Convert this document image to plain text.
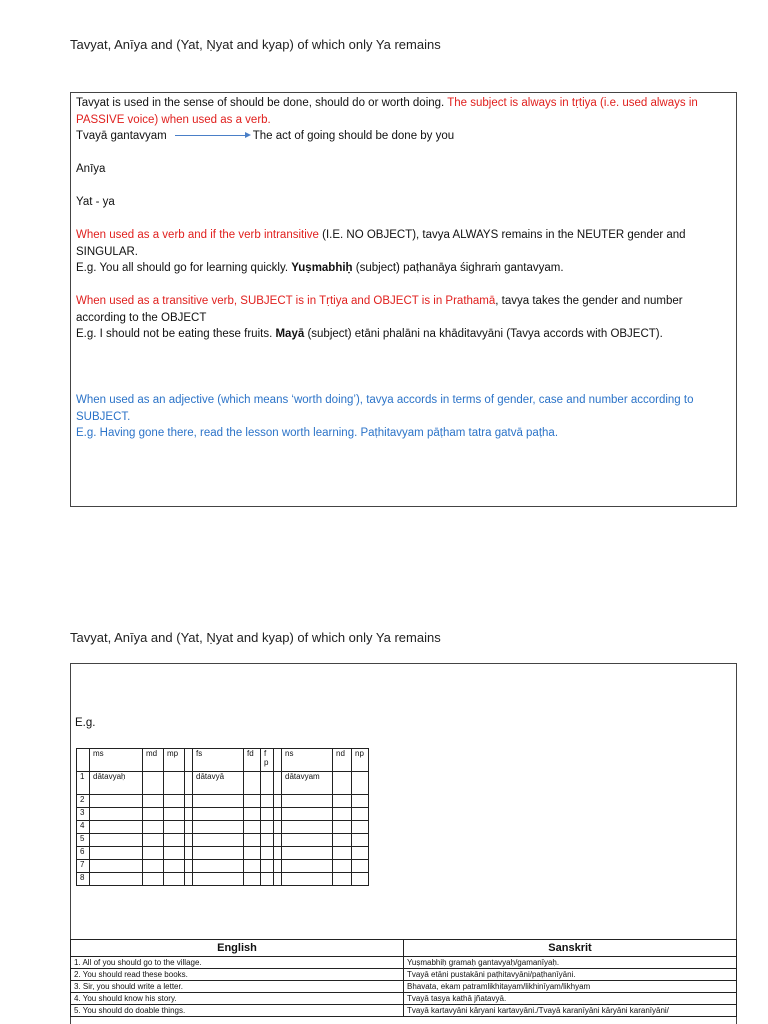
Tavyat, Anīya and (Yat, Ṇyat and kyap) of which only Ya remains
Tavyat is used in the sense of should be done, should do or worth doing. The subject is always in tṛtiya (i.e. used always in PASSIVE voice) when used as a verb.
Tvayā gantavyam	The act of going should be done by you
Anīya
Yat - ya
When used as a verb and if the verb intransitive (I.E. NO OBJECT), tavya ALWAYS remains in the NEUTER gender and SINGULAR.
E.g. You all should go for learning quickly. Yuṣmabhiḥ (subject) paṭhanāya śighraṁ gantavyam.
When used as a transitive verb, SUBJECT is in Tṛtiya and OBJECT is in Prathamā, tavya takes the gender and number according to the OBJECT
E.g. I should not be eating these fruits. Mayā (subject) etāni phalāni na khāditavyāni (Tavya accords with OBJECT).
When used as an adjective (which means ‘worth doing’), tavya accords in terms of gender, case and number according to SUBJECT.
E.g. Having gone there, read the lesson worth learning. Paṭhitavyam pāṭham tatra gatvā paṭha.
Tavyat, Anīya and (Yat, Ṇyat and kyap) of which only Ya remains
E.g.
	ms	md	mp		fs	fd	f p		ns	nd	np
1	dātavyaḥ				dātavyā				dātavyam		
2											
3											
4											
5											
6											
7											
8											
English	Sanskrit
1. All of you should go to the village.	Yuṣmabhiḥ gramaḥ gantavyaḥ/gamanīyaḥ.
2. You should read these books.	Tvayā etāni pustakāni paṭhitavyāni/paṭhanīyāni.
3. Sir, you should write a letter.	Bhavata, ekam patramlikhitayam/likhinīyam/likhyam
4. You should know his story.	Tvayā tasya kathā jñatavyā.
5. You should do doable things.	Tvayā kartavyāni kāryani kartavyāni./Tvayā karanīyāni kāryāni karanīyāni/
